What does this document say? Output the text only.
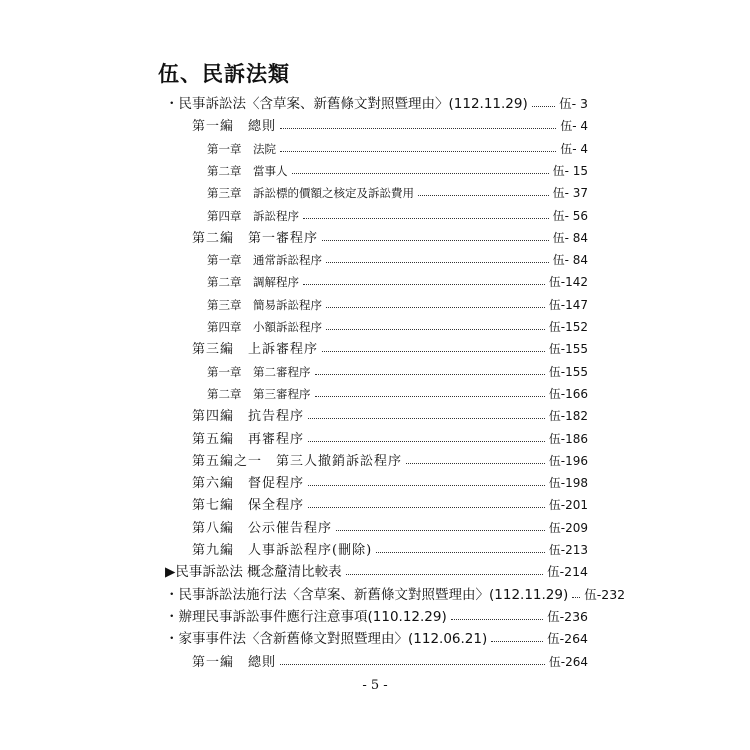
伍、民訴法類
・民事訴訟法〈含草案、新舊條文對照暨理由〉(112.11.29)	伍- 3
第一編　總則	伍- 4
第一章　法院	伍- 4
第二章　當事人	伍- 15
第三章　訴訟標的價額之核定及訴訟費用	伍- 37
第四章　訴訟程序	伍- 56
第二編　第一審程序	伍- 84
第一章　通常訴訟程序	伍- 84
第二章　調解程序	伍-142
第三章　簡易訴訟程序	伍-147
第四章　小額訴訟程序	伍-152
第三編　上訴審程序	伍-155
第一章　第二審程序	伍-155
第二章　第三審程序	伍-166
第四編　抗告程序	伍-182
第五編　再審程序	伍-186
第五編之一　第三人撤銷訴訟程序	伍-196
第六編　督促程序	伍-198
第七編　保全程序	伍-201
第八編　公示催告程序	伍-209
第九編　人事訴訟程序(刪除)	伍-213
▶民事訴訟法 概念釐清比較表	伍-214
・民事訴訟法施行法〈含草案、新舊條文對照暨理由〉(112.11.29) 伍-232
・辦理民事訴訟事件應行注意事項(110.12.29)	伍-236
・家事事件法〈含新舊條文對照暨理由〉(112.06.21)	伍-264
第一編　總則	伍-264
- 5 -
